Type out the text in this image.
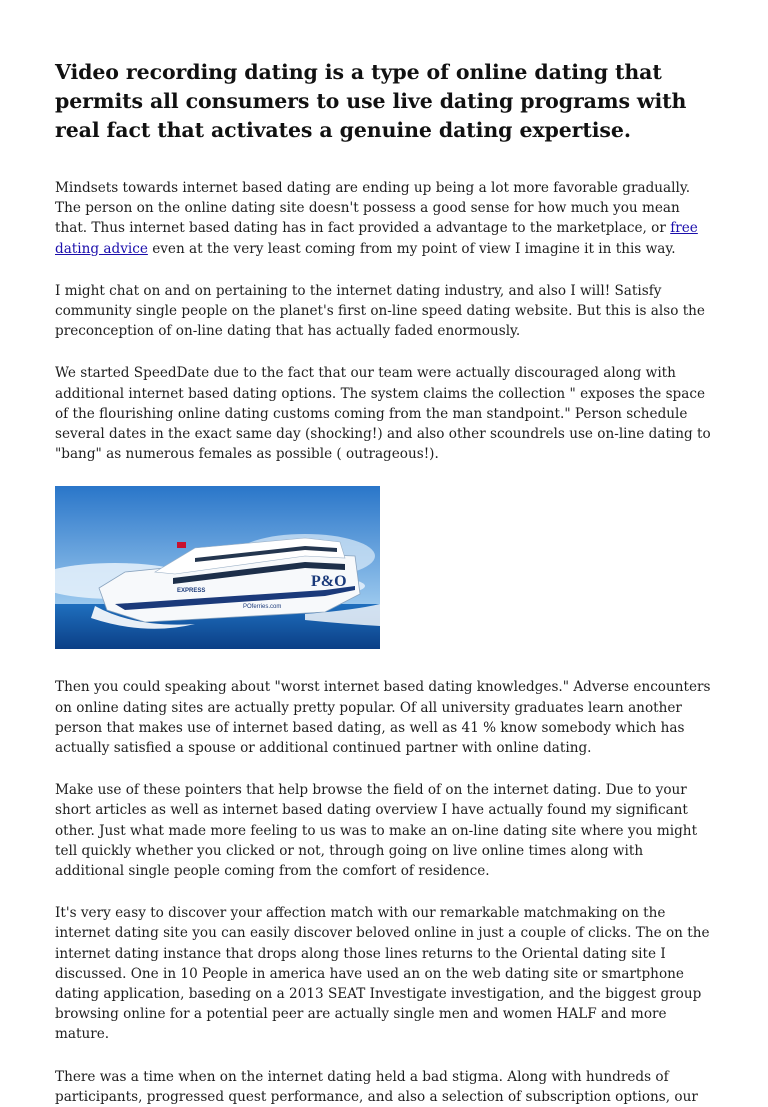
Video recording dating is a type of online dating that permits all consumers to use live dating programs with real fact that activates a genuine dating expertise.

Mindsets towards internet based dating are ending up being a lot more favorable gradually. The person on the online dating site doesn't possess a good sense for how much you mean that. Thus internet based dating has in fact provided a advantage to the marketplace, or free dating advice even at the very least coming from my point of view I imagine it in this way.

I might chat on and on pertaining to the internet dating industry, and also I will! Satisfy community single people on the planet's first on-line speed dating website. But this is also the preconception of on-line dating that has actually faded enormously.

We started SpeedDate due to the fact that our team were actually discouraged along with additional internet based dating options. The system claims the collection " exposes the space of the flourishing online dating customs coming from the man standpoint." Person schedule several dates in the exact same day (shocking!) and also other scoundrels use on-line dating to "bang" as numerous females as possible ( outrageous!).

EXPRESS
P&O
POferries.com

Then you could speaking about "worst internet based dating knowledges." Adverse encounters on online dating sites are actually pretty popular. Of all university graduates learn another person that makes use of internet based dating, as well as 41 % know somebody which has actually satisfied a spouse or additional continued partner with online dating.

Make use of these pointers that help browse the field of on the internet dating. Due to your short articles as well as internet based dating overview I have actually found my significant other. Just what made more feeling to us was to make an on-line dating site where you might tell quickly whether you clicked or not, through going on live online times along with additional single people coming from the comfort of residence.

It's very easy to discover your affection match with our remarkable matchmaking on the internet dating site you can easily discover beloved online in just a couple of clicks. The on the internet dating instance that drops along those lines returns to the Oriental dating site I discussed. One in 10 People in america have used an on the web dating site or smartphone dating application, baseding on a 2013 SEAT Investigate investigation, and the biggest group browsing online for a potential peer are actually single men and women HALF and more mature.

There was a time when on the internet dating held a bad stigma. Along with hundreds of participants, progressed quest performance, and also a selection of subscription options, our
